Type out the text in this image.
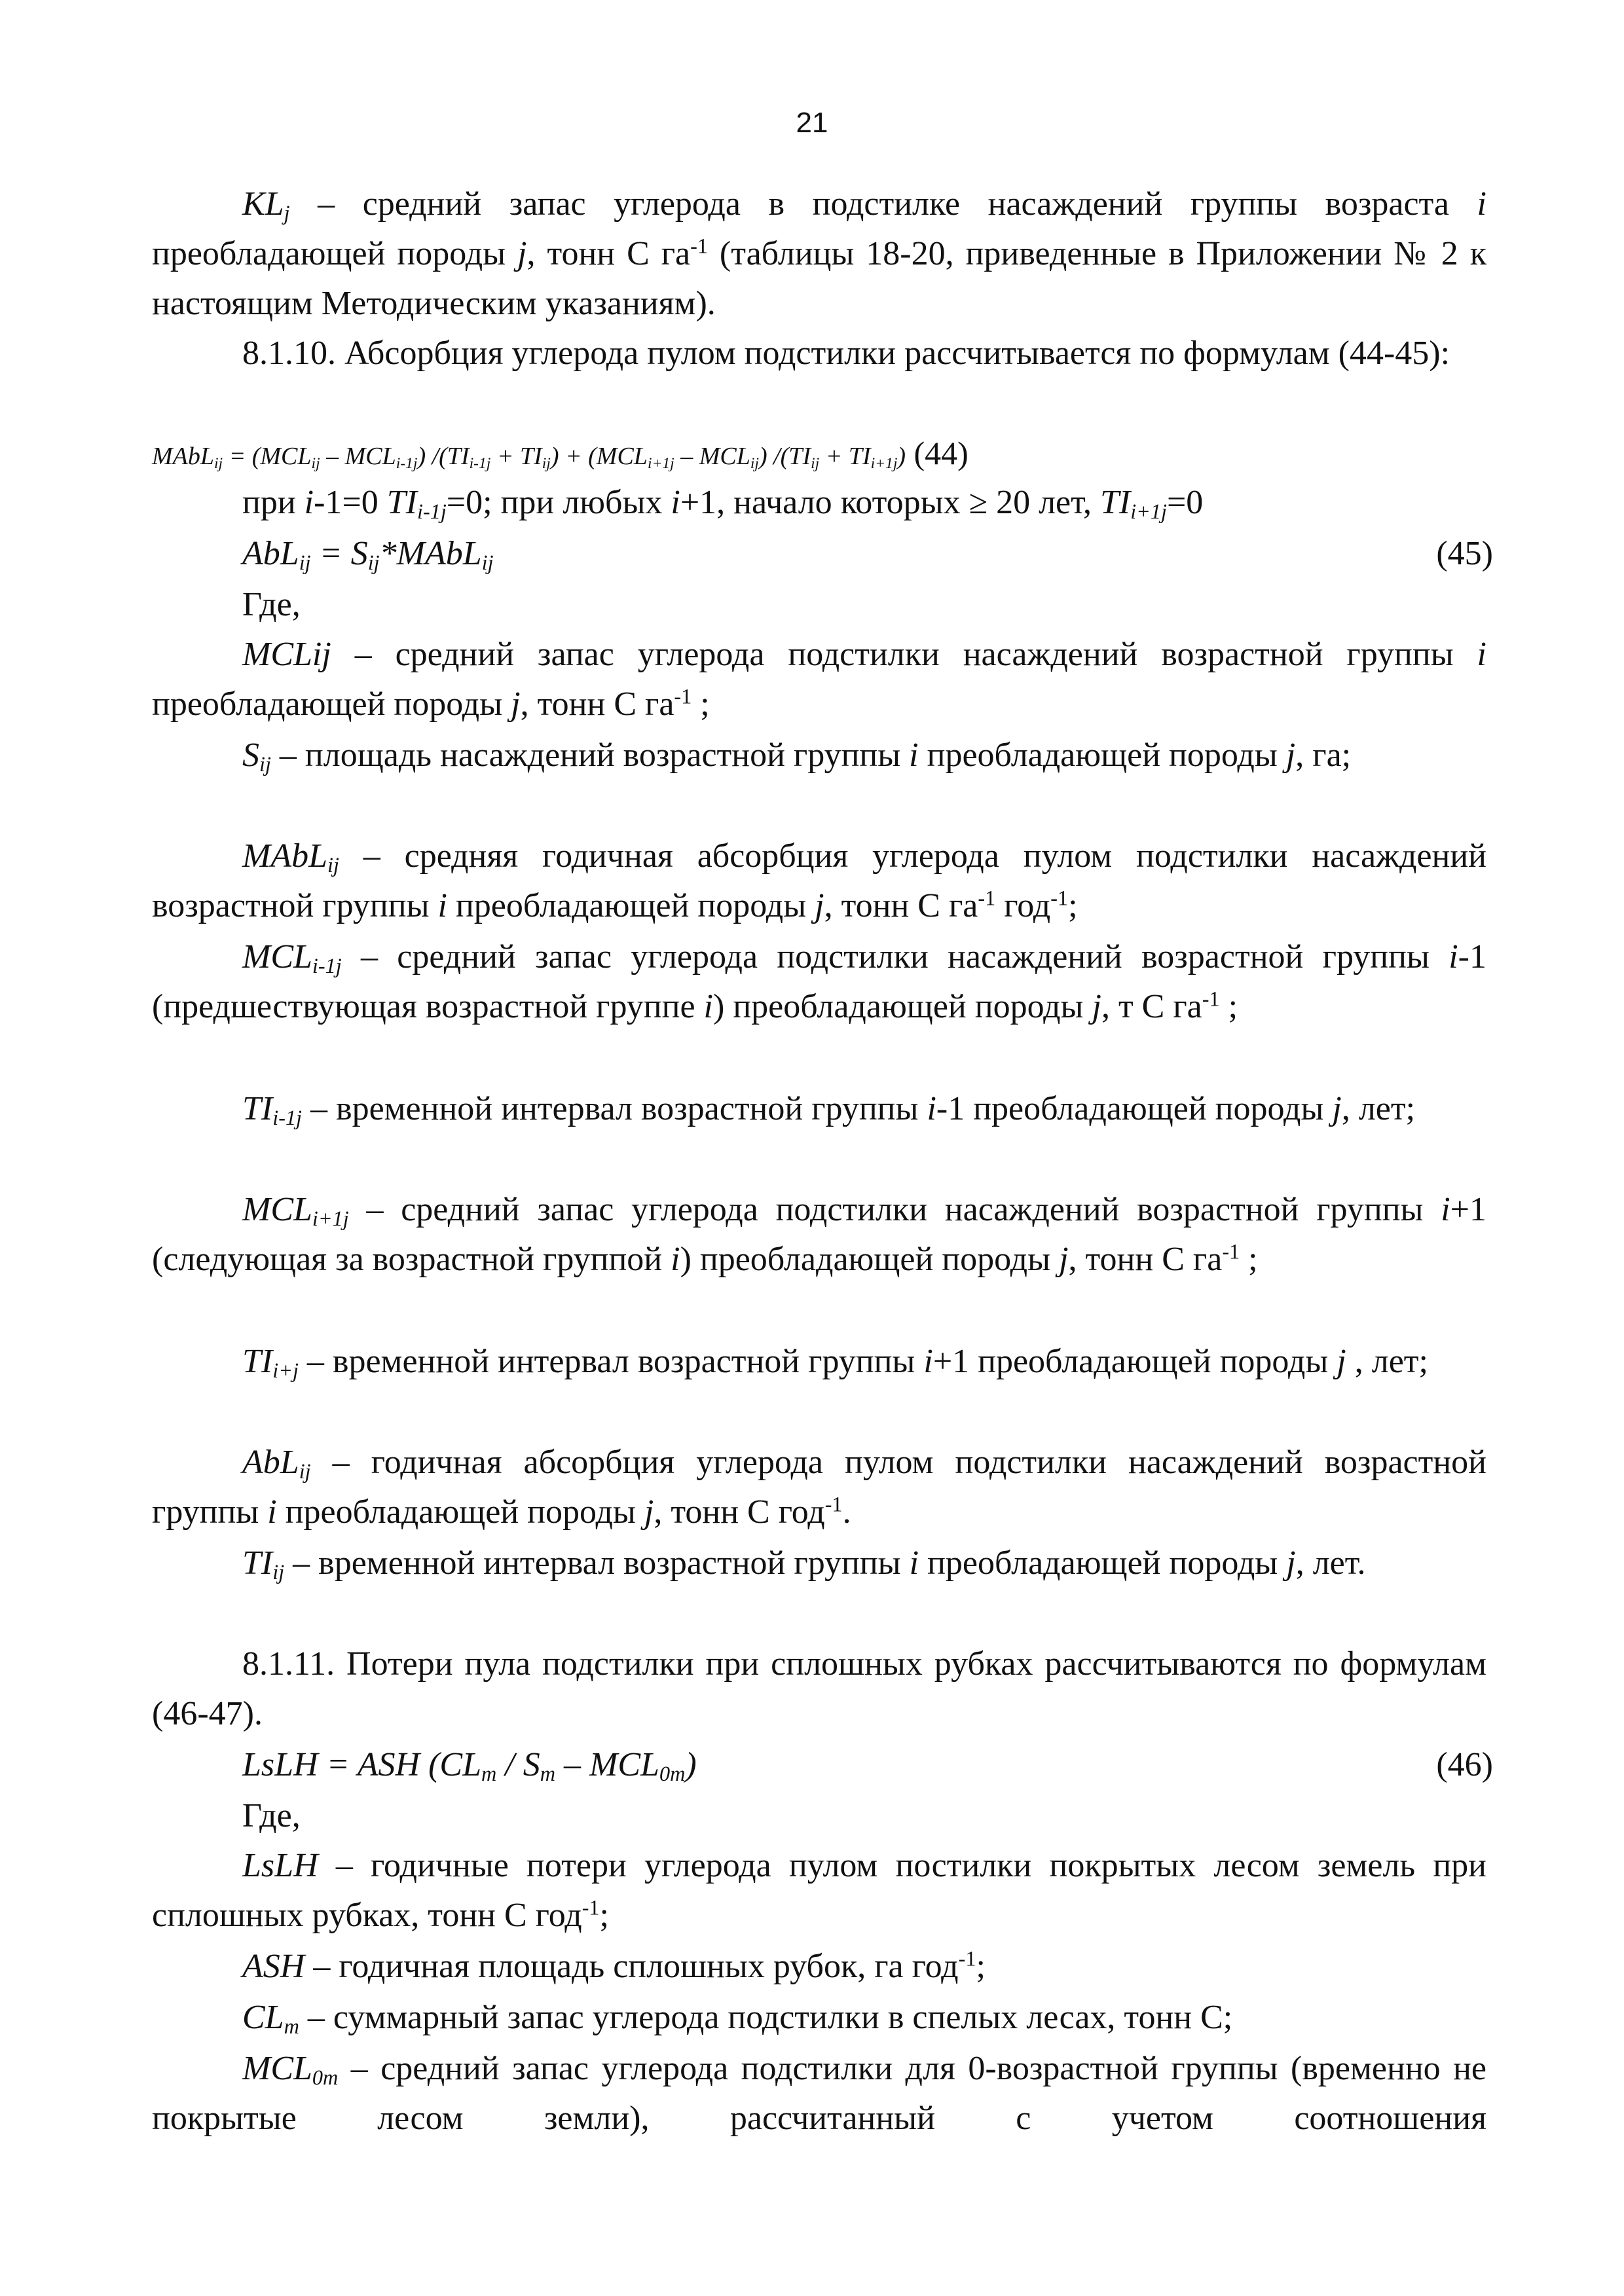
21

$KL_j$ – средний запас углерода в подстилке насаждений группы возраста i преобладающей породы j, тонн С $га^{-1}$ (таблицы 18-20, приведенные в Приложении № 2 к настоящим Методическим указаниям).

8.1.10. Абсорбция углерода пулом подстилки рассчитывается по формулам (44-45):

MAbL$_{ij}$ = $(MCL_{ij} - MCL_{i-1j}) /(TI_{i-1j} + TI_{ij}) + (MCL_{i+1j} - MCL_{ij}) /(TI_{ij} + TI_{i+1j})$ (44)
при i-1=0 $TI_{i-1j}=0$; при любых i+1, начало которых ≥ 20 лет, $TI_{i+1j}=0$
$AbL_{ij} = S_{ij}*MAbL_{ij}$	(45)
Где,

MCLij – средний запас углерода подстилки насаждений возрастной группы i преобладающей породы j, тонн С $га^{-1}$ ;

$S_{ij}$ – площадь насаждений возрастной группы i преобладающей породы j, га;

MAbL$_{ij}$ – средняя годичная абсорбция углерода пулом подстилки насаждений возрастной группы i преобладающей породы j, тонн С $га^{-1}$ год$^{-1}$;

$MCL_{i-1j}$ – средний запас углерода подстилки насаждений возрастной группы i-1 (предшествующая возрастной группе i) преобладающей породы j, т С $га^{-1}$ ;

$TI_{i-1j}$ – временной интервал возрастной группы i-1 преобладающей породы j, лет;

$MCL_{i+1j}$ – средний запас углерода подстилки насаждений возрастной группы i+1 (следующая за возрастной группой i) преобладающей породы j, тонн С $га^{-1}$ ;

$TI_{i+j}$ – временной интервал возрастной группы i+1 преобладающей породы j , лет;

AbL$_{ij}$ – годичная абсорбция углерода пулом подстилки насаждений возрастной группы i преобладающей породы j, тонн С год$^{-1}$.

$TI_{ij}$ – временной интервал возрастной группы i преобладающей породы j, лет.

8.1.11. Потери пула подстилки при сплошных рубках рассчитываются по формулам (46-47).

LsLH = ASH $(CL_m / S_m - MCL_{0m})$	(46)
Где,

LsLH – годичные потери углерода пулом постилки покрытых лесом земель при сплошных рубках, тонн С год$^{-1}$;

ASH – годичная площадь сплошных рубок, га год$^{-1}$;

$CL_m$ – суммарный запас углерода подстилки в спелых лесах, тонн С;

$MCL_{0m}$ – средний запас углерода подстилки для 0-возрастной группы (временно не покрытые лесом земли), рассчитанный с учетом соотношения
